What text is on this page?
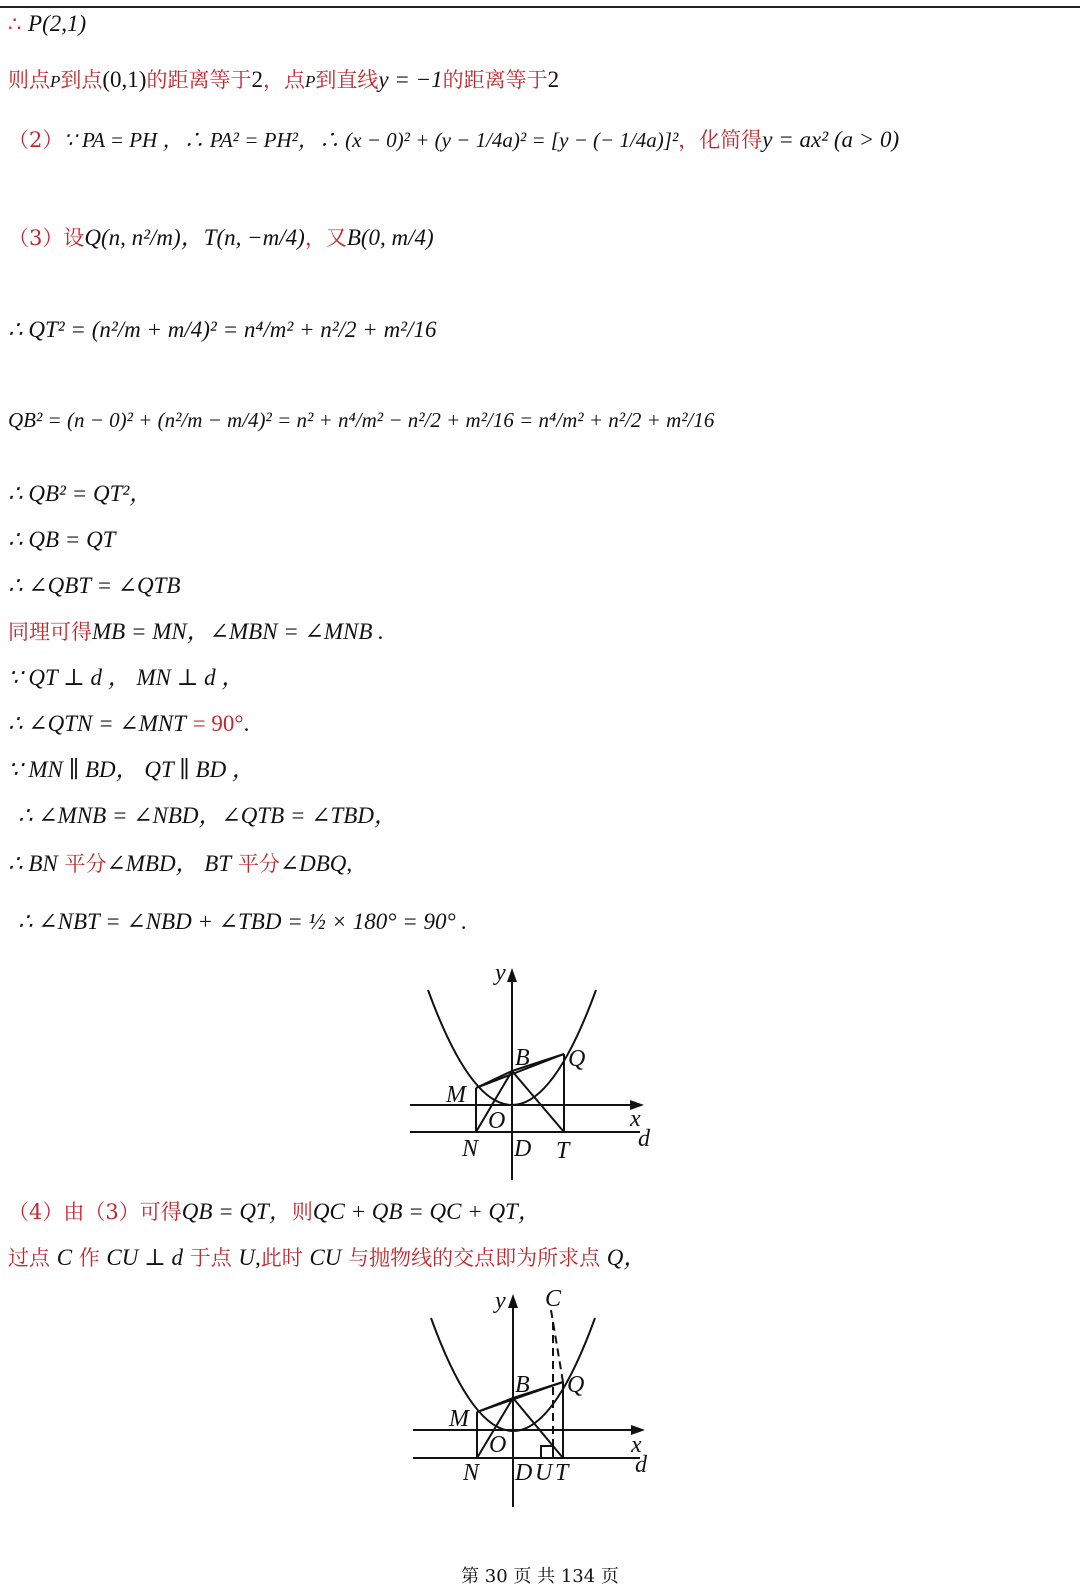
∴ P(2,1)
则点P到点(0,1)的距离等于2，点P到直线y = −1的距离等于2
（2）∵ PA = PH ，∴ PA² = PH²，∴ (x − 0)² + (y − 1/4a)² = [y − (− 1/4a)]²，化简得y = ax² (a > 0)
（3）设Q(n, n²/m)，T(n, −m/4)，又B(0, m/4)
∴ QT² = (n²/m + m/4)² = n⁴/m² + n²/2 + m²/16
QB² = (n − 0)² + (n²/m − m/4)² = n² + n⁴/m² − n²/2 + m²/16 = n⁴/m² + n²/2 + m²/16
∴ QB² = QT²，
∴ QB = QT
∴ ∠QBT = ∠QTB
同理可得MB = MN，∠MBN = ∠MNB .
∵ QT ⊥ d ， MN ⊥ d ，
∴ ∠QTN = ∠MNT = 90°.
∵ MN ∥ BD， QT ∥ BD ，
∴ ∠MNB = ∠NBD，∠QTB = ∠TBD，
∴ BN 平分∠MBD， BT 平分∠DBQ,
∴ ∠NBT = ∠NBD + ∠TBD = ½ × 180° = 90° .
y
x
d
B Q
M
O
N D T
（4）由（3）可得QB = QT，则QC + QB = QC + QT，
过点 C 作 CU ⊥ d 于点 U,此时 CU 与抛物线的交点即为所求点 Q，
y C
x
d
B Q
M
O
N D U T
第 30 页 共 134 页
